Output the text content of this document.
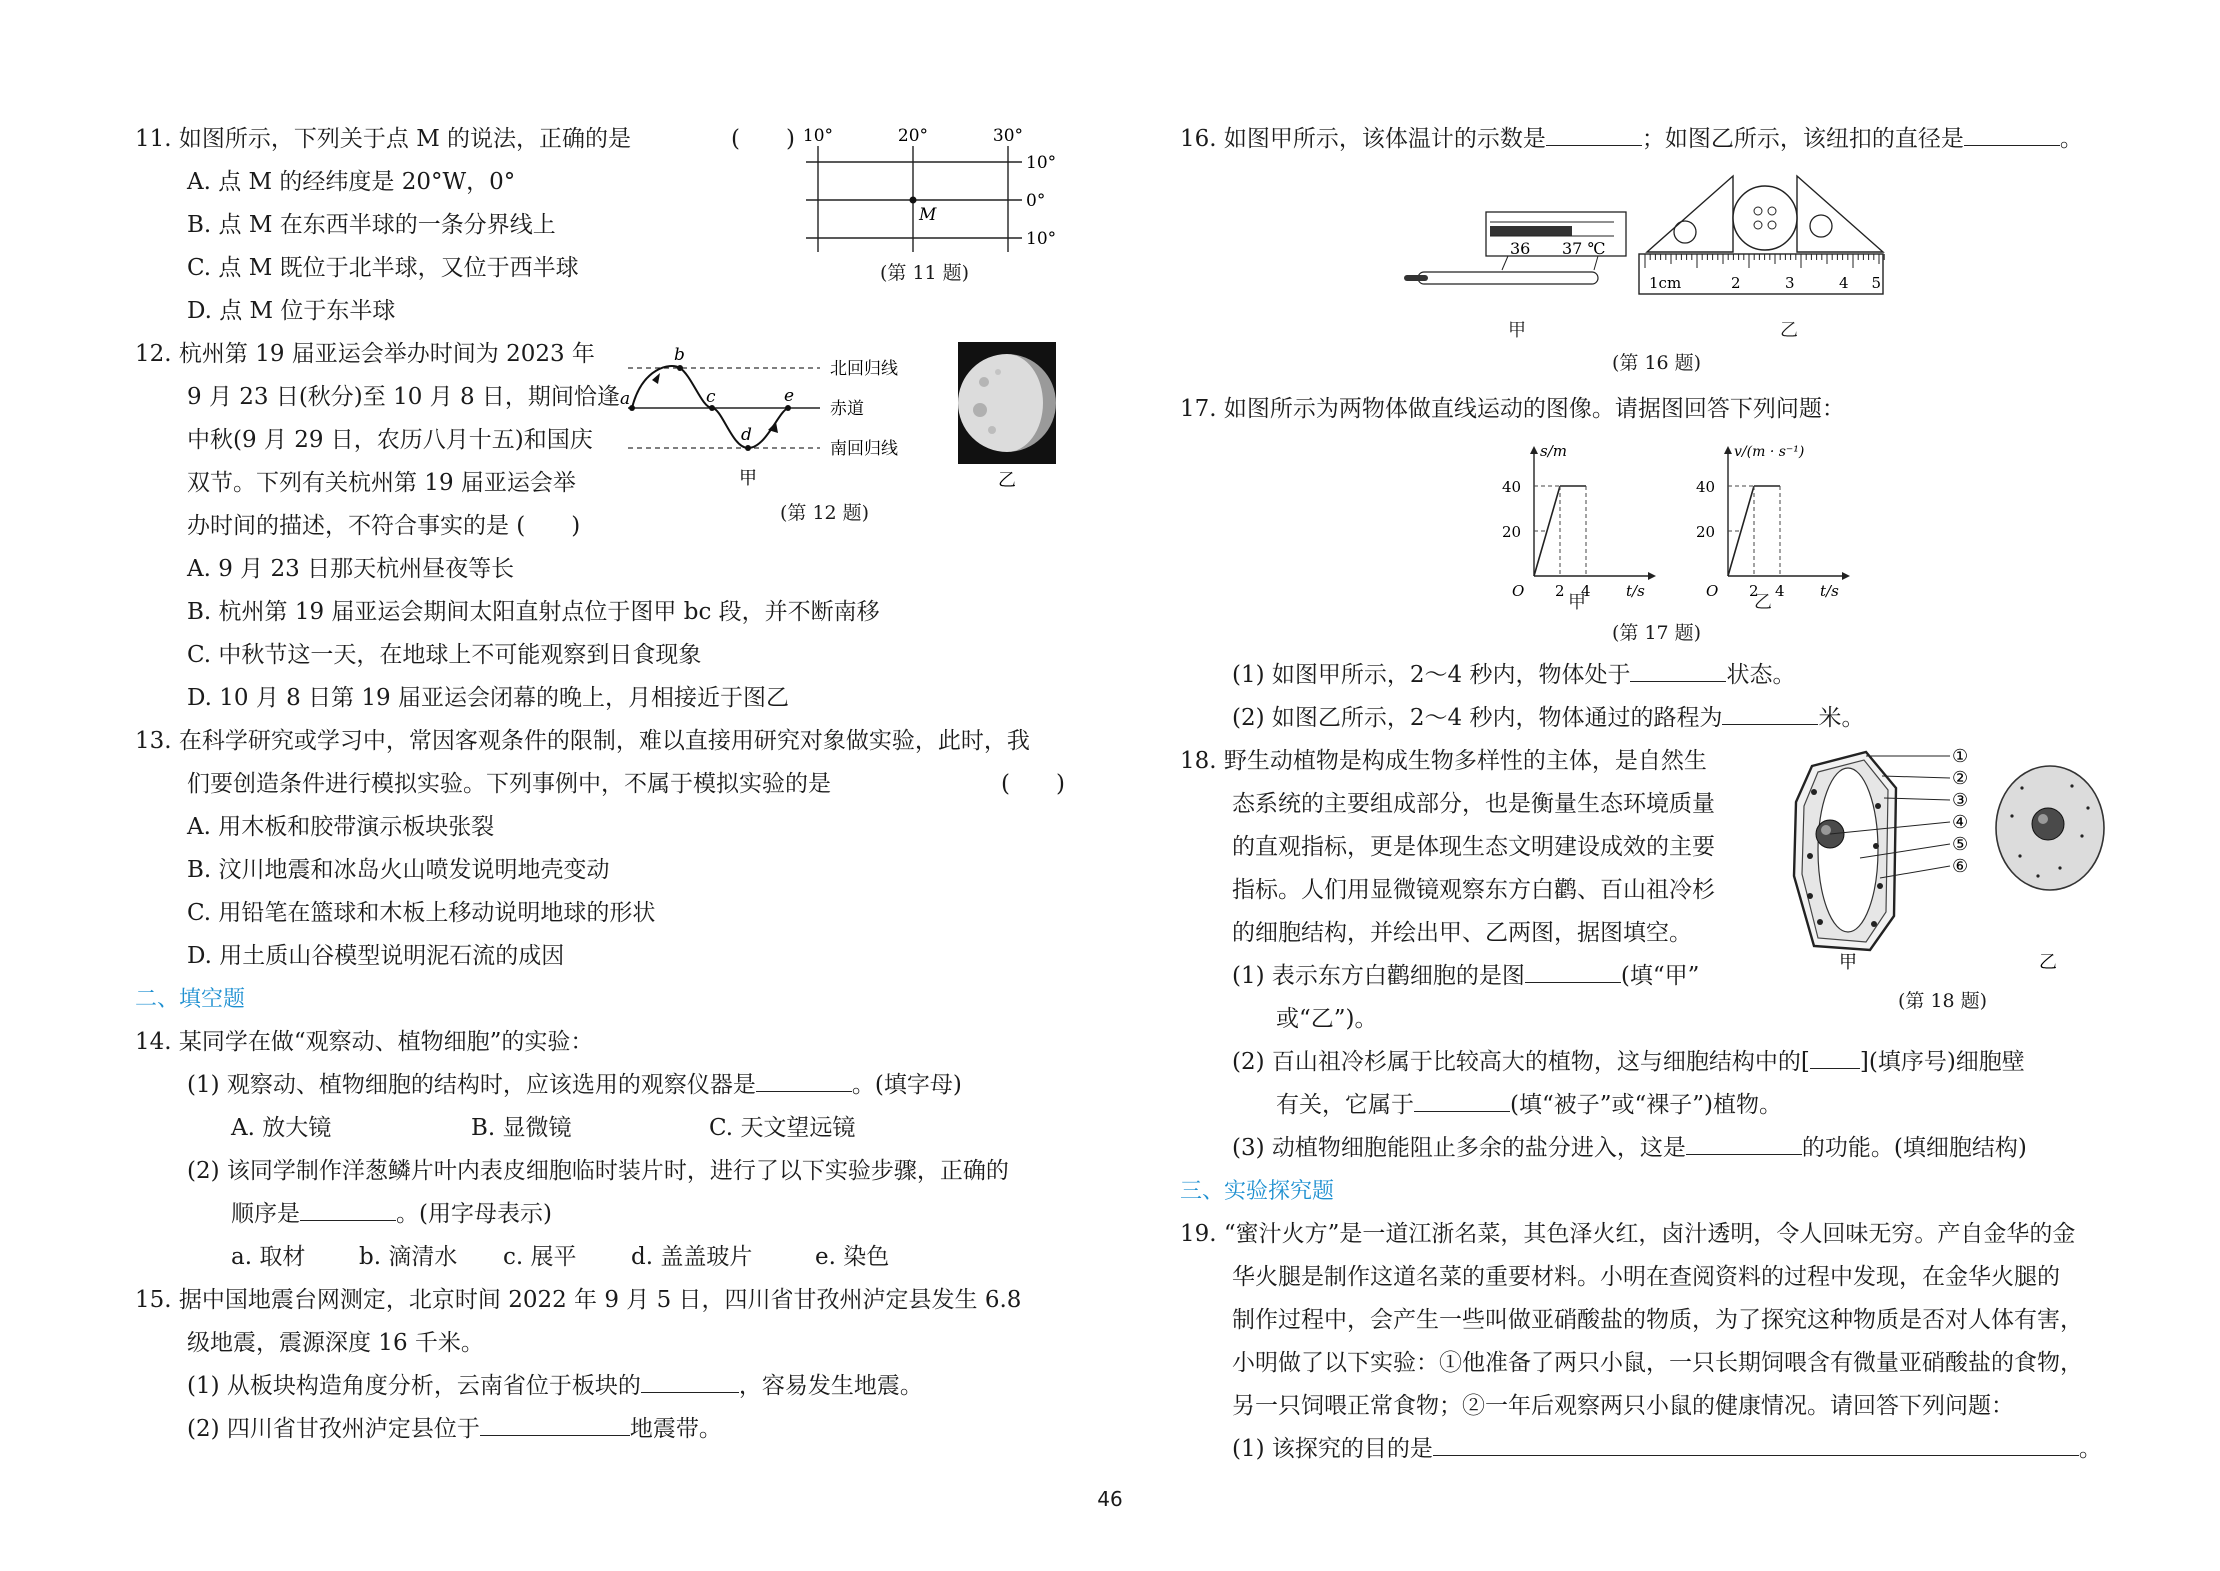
11. 如图所示，下列关于点 M 的说法，正确的是	(　　)
A. 点 M 的经纬度是 20°W，0°
B. 点 M 在东西半球的一条分界线上
C. 点 M 既位于北半球，又位于西半球
D. 点 M 位于东半球
12. 杭州第 19 届亚运会举办时间为 2023 年
9 月 23 日(秋分)至 10 月 8 日，期间恰逢
中秋(9 月 29 日，农历八月十五)和国庆
双节。下列有关杭州第 19 届亚运会举
办时间的描述，不符合事实的是 (　　)
A. 9 月 23 日那天杭州昼夜等长
B. 杭州第 19 届亚运会期间太阳直射点位于图甲 bc 段，并不断南移
C. 中秋节这一天，在地球上不可能观察到日食现象
D. 10 月 8 日第 19 届亚运会闭幕的晚上，月相接近于图乙
13. 在科学研究或学习中，常因客观条件的限制，难以直接用研究对象做实验，此时，我
们要创造条件进行模拟实验。下列事例中，不属于模拟实验的是	(　　)
A. 用木板和胶带演示板块张裂
B. 汶川地震和冰岛火山喷发说明地壳变动
C. 用铅笔在篮球和木板上移动说明地球的形状
D. 用土质山谷模型说明泥石流的成因
二、填空题
14. 某同学在做“观察动、植物细胞”的实验：
(1) 观察动、植物细胞的结构时，应该选用的观察仪器是	。(填字母)
A. 放大镜	B. 显微镜	C. 天文望远镜
(2) 该同学制作洋葱鳞片叶内表皮细胞临时装片时，进行了以下实验步骤，正确的
顺序是	。(用字母表示)
a. 取材 b. 滴清水 c. 展平 d. 盖盖玻片	e. 染色
15. 据中国地震台网测定，北京时间 2022 年 9 月 5 日，四川省甘孜州泸定县发生 6.8
级地震，震源深度 16 千米。
(1) 从板块构造角度分析，云南省位于板块的	，容易发生地震。
(2) 四川省甘孜州泸定县位于	地震带。
10°	20°	30°
10°
0°
10°
M
(第 11 题)
a
b
c
d
e
北回归线
赤道
南回归线
甲	乙
(第 12 题)
16. 如图甲所示，该体温计的示数是	；如图乙所示，该纽扣的直径是	。
36 37 ℃
1cm	2	3	4 5
甲	乙
(第 16 题)
17. 如图所示为两物体做直线运动的图像。请据图回答下列问题：
s/m
40
20
O 2 4 t/s
v/(m · s⁻¹)
40
20
O 2 4 t/s
甲	乙
(第 17 题)
(1) 如图甲所示，2～4 秒内，物体处于	状态。
(2) 如图乙所示，2～4 秒内，物体通过的路程为	米。
18. 野生动植物是构成生物多样性的主体，是自然生
态系统的主要组成部分，也是衡量生态环境质量
的直观指标，更是体现生态文明建设成效的主要
指标。人们用显微镜观察东方白鹳、百山祖冷杉
的细胞结构，并绘出甲、乙两图，据图填空。
(1) 表示东方白鹳细胞的是图	(填“甲”
或“乙”)。
(2) 百山祖冷杉属于比较高大的植物，这与细胞结构中的[ ](填序号)细胞壁
有关，它属于	(填“被子”或“裸子”)植物。
(3) 动植物细胞能阻止多余的盐分进入，这是	的功能。(填细胞结构)
三、实验探究题
19. “蜜汁火方”是一道江浙名菜，其色泽火红，卤汁透明，令人回味无穷。产自金华的金
华火腿是制作这道名菜的重要材料。小明在查阅资料的过程中发现，在金华火腿的
制作过程中，会产生一些叫做亚硝酸盐的物质，为了探究这种物质是否对人体有害，
小明做了以下实验：①他准备了两只小鼠，一只长期饲喂含有微量亚硝酸盐的食物，
另一只饲喂正常食物；②一年后观察两只小鼠的健康情况。请回答下列问题：
(1) 该探究的目的是	。
①
②
③
④
⑤
⑥
甲	乙
(第 18 题)
46
